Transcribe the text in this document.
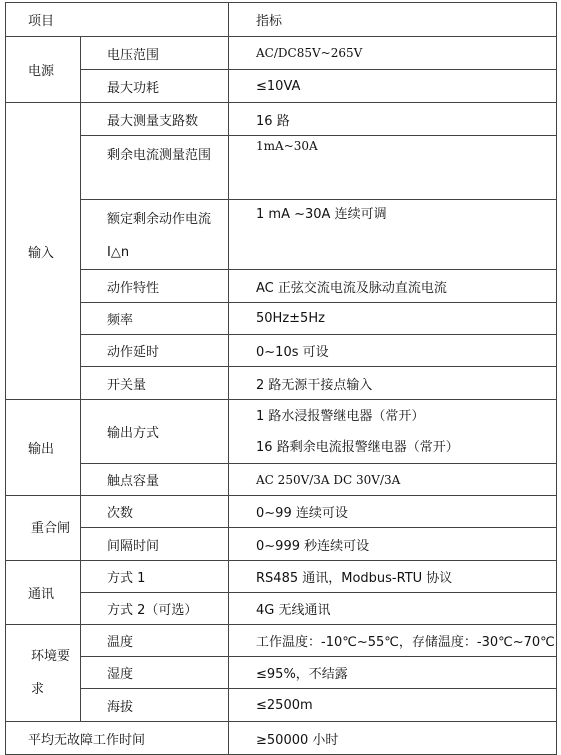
项目		指标
电源	电压范围	AC/DC85V~265V
	最大功耗	≤10VA
输入	最大测量支路数	16 路
	剩余电流测量范围	1mA~30A
	额定剩余动作电流 I△n	1 mA ~30A 连续可调
	动作特性	AC 正弦交流电流及脉动直流电流
	频率	50Hz±5Hz
	动作延时	0~10s 可设
	开关量	2 路无源干接点输入
输出	输出方式	1 路水浸报警继电器（常开）
16 路剩余电流报警继电器（常开）

	触点容量	AC 250V/3A DC 30V/3A

重合闸	次数	0~99 连续可设
	间隔时间	0~999 秒连续可设
通讯	方式 1	RS485 通讯，Modbus-RTU 协议
	方式 2（可选）	4G 无线通讯

环境要求	温度	工作温度：-10℃~55℃，存储温度：-30℃~70℃
	湿度	≤95%，不结露
	海拔	≤2500m
平均无故障工作时间		≥50000 小时
